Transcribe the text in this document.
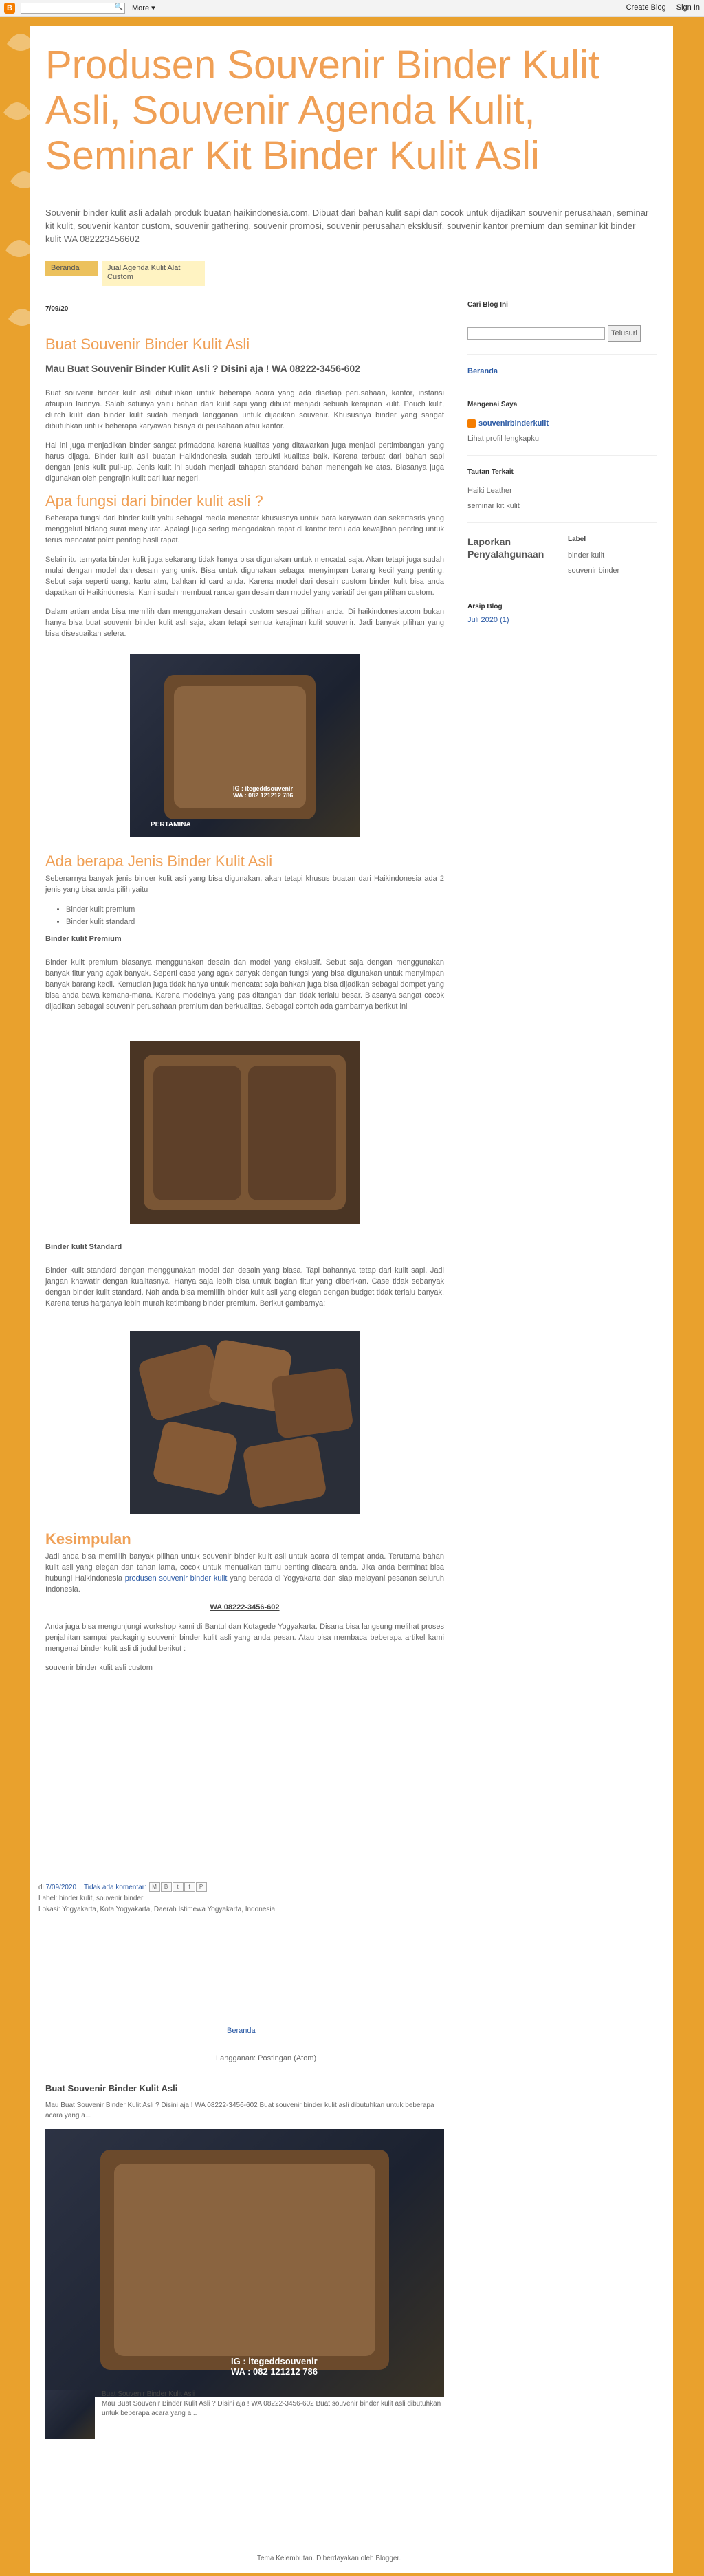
B	🔍 More ▾	Create Blog Sign In
Produsen Souvenir Binder Kulit Asli, Souvenir Agenda Kulit, Seminar Kit Binder Kulit Asli
Souvenir binder kulit asli adalah produk buatan haikindonesia.com. Dibuat dari bahan kulit sapi dan cocok untuk dijadikan souvenir perusahaan, seminar kit kulit, souvenir kantor custom, souvenir gathering, souvenir promosi, souvenir perusahan eksklusif, souvenir kantor premium dan seminar kit binder kulit WA 082223456602
Beranda	Jual Agenda Kulit Alat Custom
7/09/20
Buat Souvenir Binder Kulit Asli
Mau Buat Souvenir Binder Kulit Asli ? Disini aja ! WA 08222-3456-602

Buat souvenir binder kulit asli dibutuhkan untuk beberapa acara yang ada disetiap perusahaan, kantor, instansi ataupun lainnya. Salah satunya yaitu bahan dari kulit sapi yang dibuat menjadi sebuah kerajinan kulit. Pouch kulit, clutch kulit dan binder kulit sudah menjadi langganan untuk dijadikan souvenir. Khususnya binder yang sangat dibutuhkan untuk beberapa karyawan bisnya di peusahaan atau kantor.

Hal ini juga menjadikan binder sangat primadona karena kualitas yang ditawarkan juga menjadi pertimbangan yang harus dijaga. Binder kulit asli buatan Haikindonesia sudah terbukti kualitas baik. Karena terbuat dari bahan sapi dengan jenis kulit pull-up. Jenis kulit ini sudah menjadi tahapan standard bahan menengah ke atas. Biasanya juga digunakan oleh pengrajin kulit dari luar negeri.

Apa fungsi dari binder kulit asli ?

Beberapa fungsi dari binder kulit yaitu sebagai media mencatat khususnya untuk para karyawan dan sekertasris yang menggeluti bidang surat menyurat. Apalagi juga sering mengadakan rapat di kantor tentu ada kewajiban penting untuk terus mencatat point penting hasil rapat.

Selain itu ternyata binder kulit juga sekarang tidak hanya bisa digunakan untuk mencatat saja. Akan tetapi juga sudah mulai dengan model dan desain yang unik. Bisa untuk digunakan sebagai menyimpan barang kecil yang penting. Sebut saja seperti uang, kartu atm, bahkan id card anda. Karena model dari desain custom binder kulit bisa anda dapatkan di Haikindonesia. Kami sudah membuat rancangan desain dan model yang variatif dengan pilihan custom.

Dalam artian anda bisa memilih dan menggunakan desain custom sesuai pilihan anda. Di haikindonesia.com bukan hanya bisa buat souvenir binder kulit asli saja, akan tetapi semua kerajinan kulit souvenir. Jadi banyak pilihan yang bisa disesuaikan selera.

IG : itegeddsouvenir
WA : 082 121212 786
PERTAMINA
Ada berapa Jenis Binder Kulit Asli

Sebenarnya banyak jenis binder kulit asli yang bisa digunakan, akan tetapi khusus buatan dari Haikindonesia ada 2 jenis yang bisa anda pilih yaitu

• Binder kulit premium
• Binder kulit standard
Binder kulit Premium

Binder kulit premium biasanya menggunakan desain dan model yang ekslusif. Sebut saja dengan menggunakan banyak fitur yang agak banyak. Seperti case yang agak banyak dengan fungsi yang bisa digunakan untuk menyimpan banyak barang kecil. Kemudian juga tidak hanya untuk mencatat saja bahkan juga bisa dijadikan sebagai dompet yang bisa anda bawa kemana-mana. Karena modelnya yang pas ditangan dan tidak terlalu besar. Biasanya sangat cocok dijadikan sebagai souvenir perusahaan premium dan berkualitas. Sebagai contoh ada gambarnya berikut ini

Binder kulit Standard

Binder kulit standard dengan menggunakan model dan desain yang biasa. Tapi bahannya tetap dari kulit sapi. Jadi jangan khawatir dengan kualitasnya. Hanya saja lebih bisa untuk bagian fitur yang diberikan. Case tidak sebanyak dengan binder kulit standard. Nah anda bisa memiilih binder kulit asli yang elegan dengan budget tidak terlalu banyak. Karena terus harganya lebih murah ketimbang binder premium. Berikut gambarnya:

Kesimpulan

Jadi anda bisa memiilih banyak pilihan untuk souvenir binder kulit asli untuk acara di tempat anda. Terutama bahan kulit asli yang elegan dan tahan lama, cocok untuk menuaikan tamu penting diacara anda. Jika anda berminat bisa hubungi Haikindonesia produsen souvenir binder kulit yang berada di Yogyakarta dan siap melayani pesanan seluruh Indonesia.

WA 08222-3456-602

Anda juga bisa mengunjungi workshop kami di Bantul dan Kotagede Yogyakarta. Disana bisa langsung melihat proses penjahitan sampai packaging souvenir binder kulit asli yang anda pesan. Atau bisa membaca beberapa artikel kami mengenai binder kulit asli di judul berikut :

souvenir binder kulit asli custom

di 7/09/2020 Tidak ada komentar: M B t f P
Label: binder kulit, souvenir binder
Lokasi: Yogyakarta, Kota Yogyakarta, Daerah Istimewa Yogyakarta, Indonesia
Beranda
Langganan: Postingan (Atom)
Buat Souvenir Binder Kulit Asli
Mau Buat Souvenir Binder Kulit Asli ? Disini aja ! WA 08222-3456-602 Buat souvenir binder kulit asli dibutuhkan untuk beberapa acara yang a...
IG : itegeddsouvenir
WA : 082 121212 786
Buat Souvenir Binder Kulit Asli
Mau Buat Souvenir Binder Kulit Asli ? Disini aja ! WA 08222-3456-602 Buat souvenir binder kulit asli dibutuhkan untuk beberapa acara yang a...
Tema Kelembutan. Diberdayakan oleh Blogger.
Cari Blog Ini
Telusuri
Beranda
Mengenai Saya
souvenirbinderkulit
Lihat profil lengkapku
Tautan Terkait
Haiki Leather
seminar kit kulit
Laporkan Penyalahgunaan
Label
binder kulit
souvenir binder
Arsip Blog
Juli 2020 (1)
